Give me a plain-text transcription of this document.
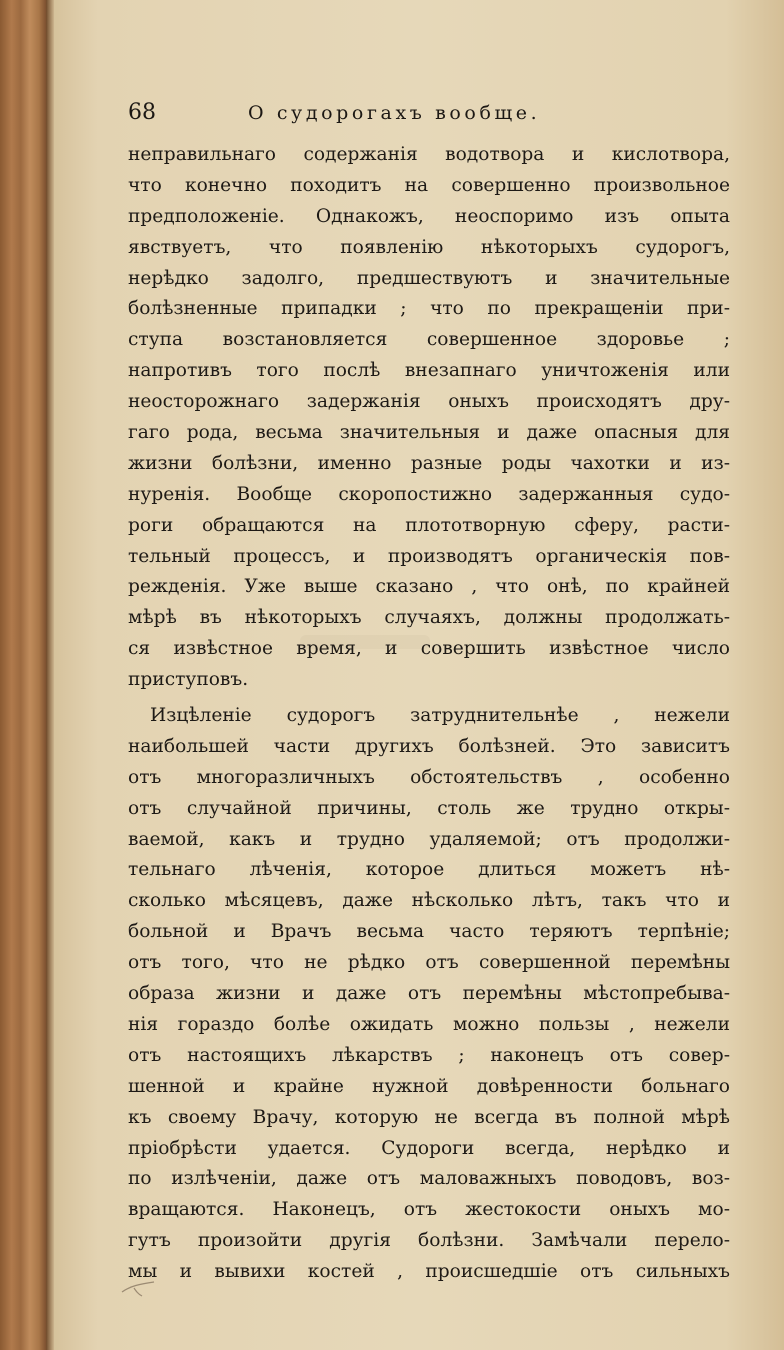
68	О судорогахъ вообще.
неправильнаго содержанія водотвора и кислотвора,
что конечно походитъ на совершенно произвольное
предположеніе. Однакожъ, неоспоримо изъ опыта
явствуетъ, что появленію нѣкоторыхъ судорогъ,
нерѣдко задолго, предшествуютъ и значительные
болѣзненные припадки ; что по прекращеніи при-
ступа возстановляется совершенное здоровье ;
напротивъ того послѣ внезапнаго уничтоженія или
неосторожнаго задержанія оныхъ происходятъ дру-
гаго рода, весьма значительныя и даже опасныя для
жизни болѣзни, именно разные роды чахотки и из-
нуренія. Вообще скоропостижно задержанныя судо-
роги обращаются на плототворную сферу, расти-
тельный процессъ, и производятъ органическія пов-
режденія. Уже выше сказано , что онѣ, по крайней
мѣрѣ въ нѣкоторыхъ случаяхъ, должны продолжать-
ся извѣстное время, и совершить извѣстное число
приступовъ.
Изцѣленіе судорогъ затруднительнѣе , нежели
наибольшей части другихъ болѣзней. Это зависитъ
отъ многоразличныхъ обстоятельствъ , особенно
отъ случайной причины, столь же трудно откры-
ваемой, какъ и трудно удаляемой; отъ продолжи-
тельнаго лѣченія, которое длиться можетъ нѣ-
сколько мѣсяцевъ, даже нѣсколько лѣтъ, такъ что и
больной и Врачъ весьма часто теряютъ терпѣніе;
отъ того, что не рѣдко отъ совершенной перемѣны
образа жизни и даже отъ перемѣны мѣстопребыва-
нія гораздо болѣе ожидать можно пользы , нежели
отъ настоящихъ лѣкарствъ ; наконецъ отъ совер-
шенной и крайне нужной довѣренности больнаго
къ своему Врачу, которую не всегда въ полной мѣрѣ
пріобрѣсти удается. Судороги всегда, нерѣдко и
по излѣченіи, даже отъ маловажныхъ поводовъ, воз-
вращаются. Наконецъ, отъ жестокости оныхъ мо-
гутъ произойти другія болѣзни. Замѣчали перело-
мы и вывихи костей , происшедшіе отъ сильныхъ
